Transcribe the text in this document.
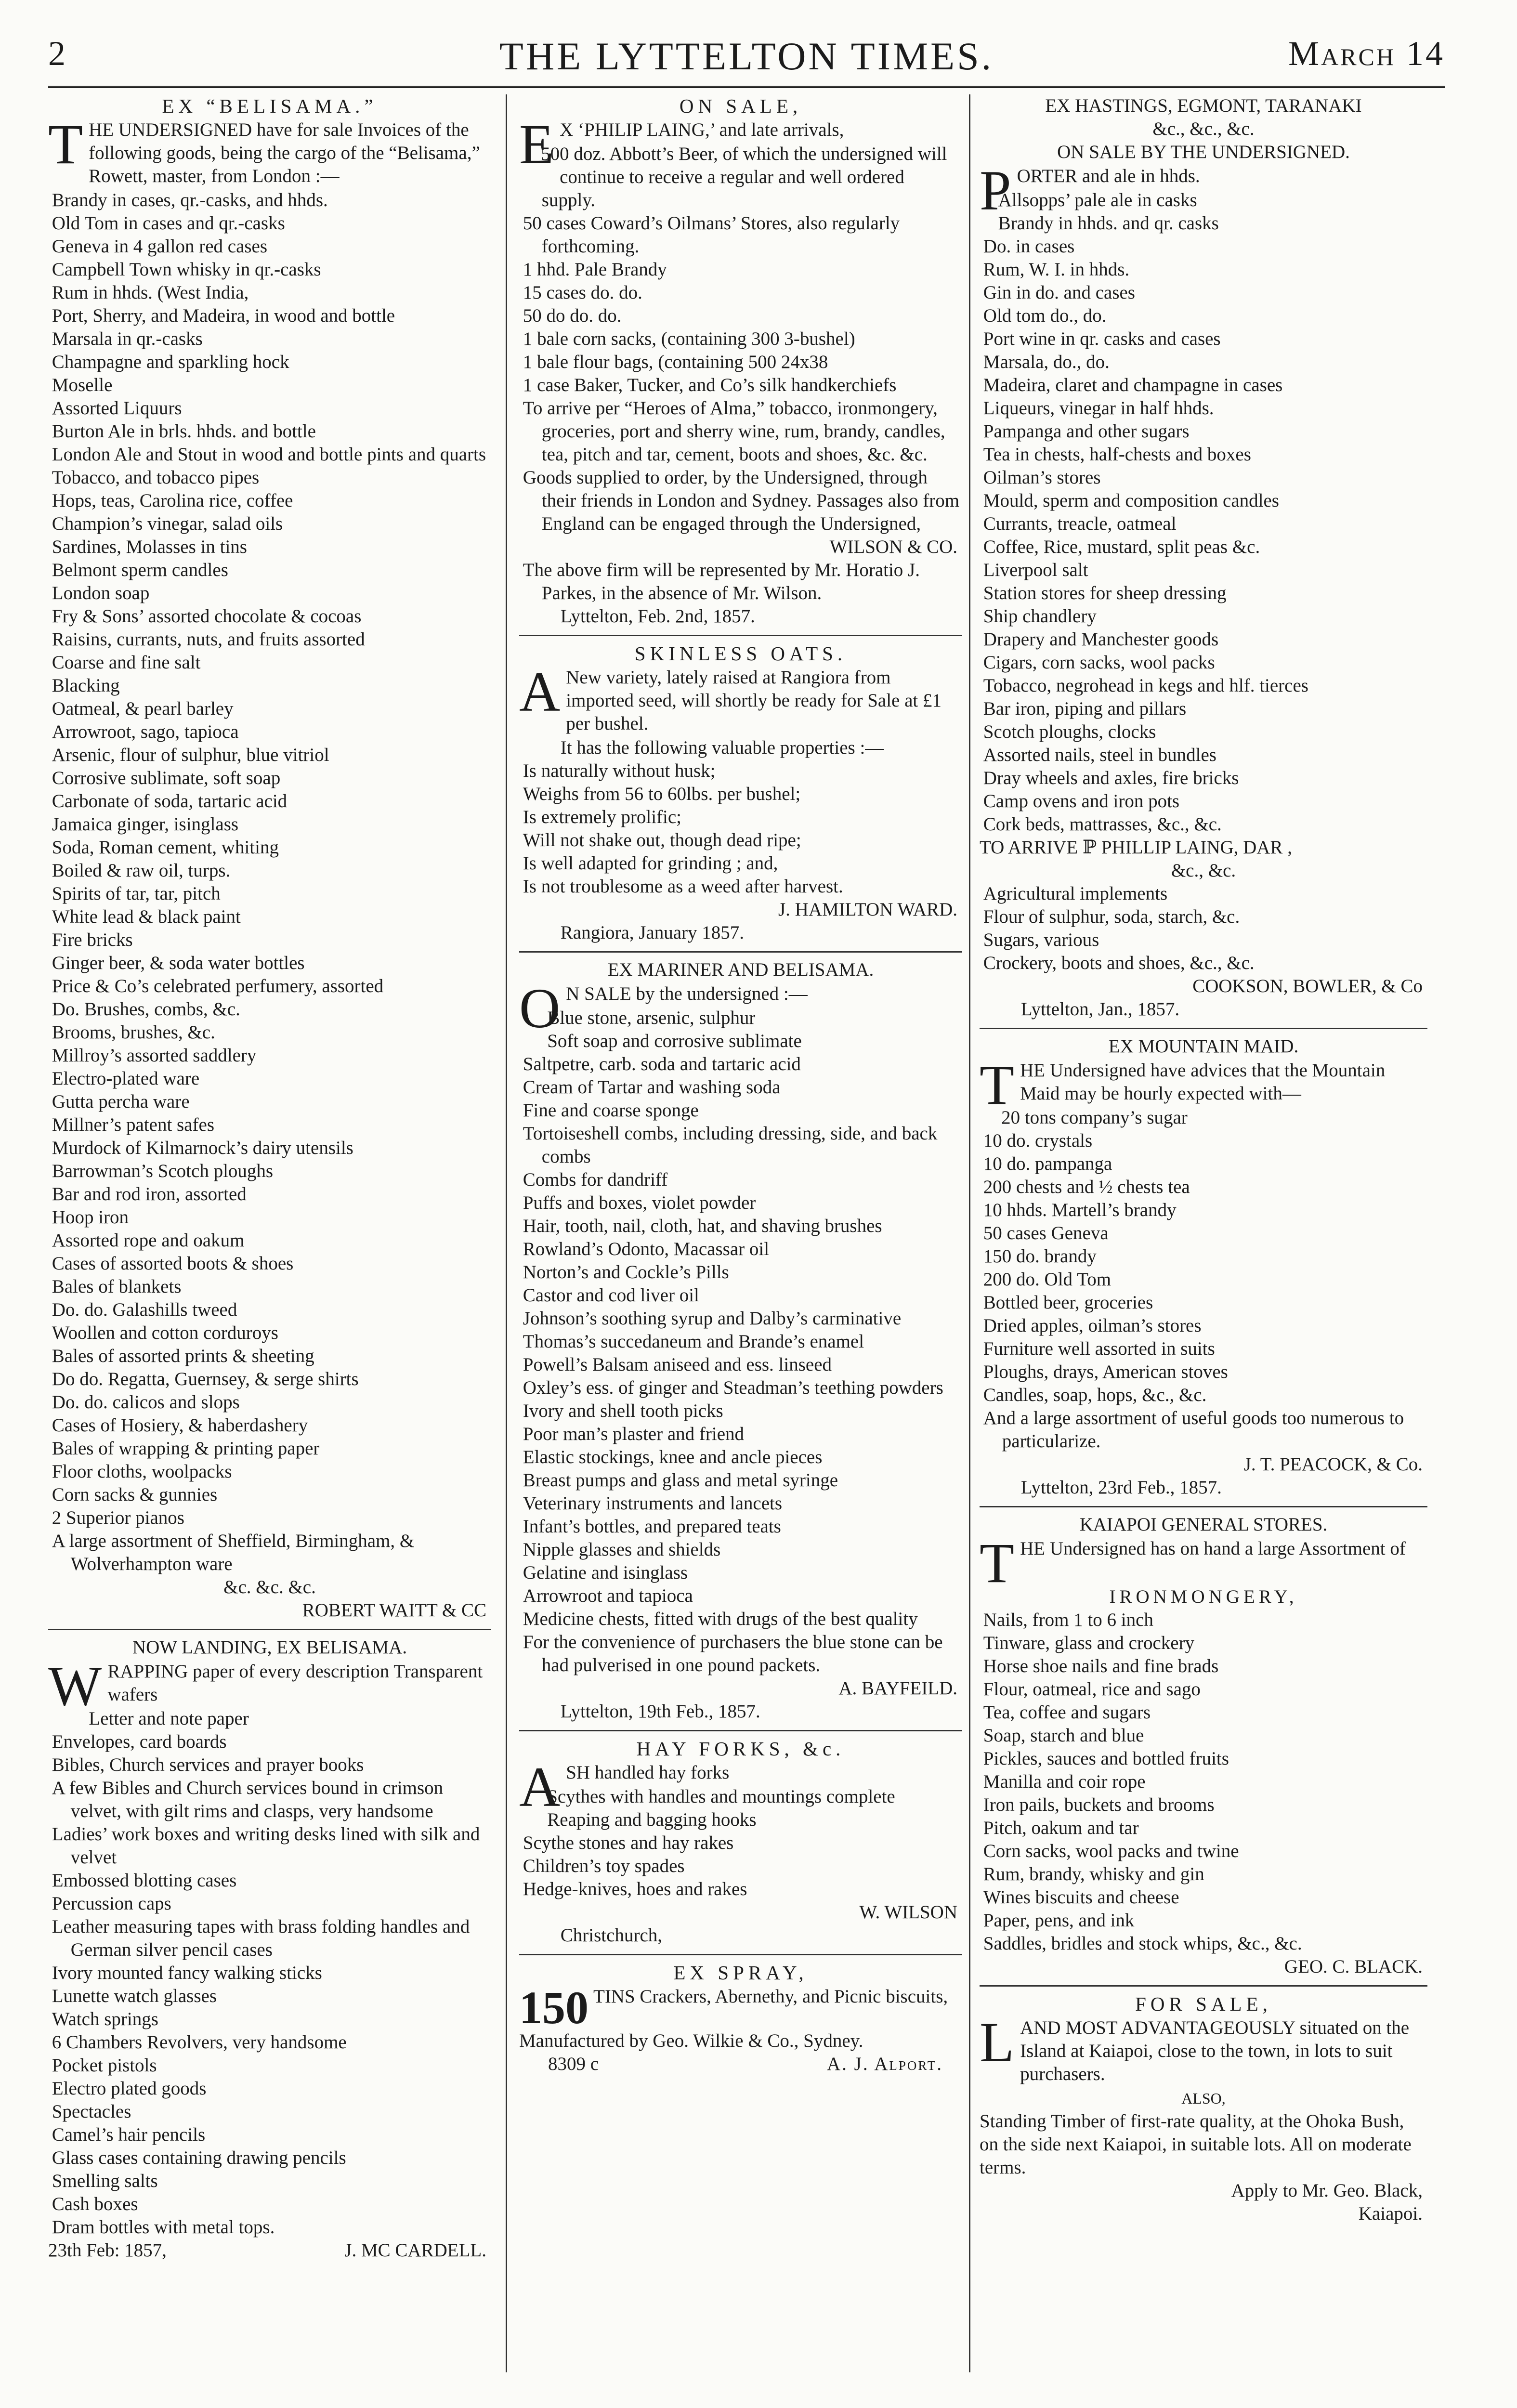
2	THE LYTTELTON TIMES.	March 14
EX “BELISAMA.”
THE UNDERSIGNED have for sale Invoices of the following goods, being the cargo of the “Belisama,” Rowett, master, from London :—
Brandy in cases, qr.-casks, and hhds.
Old Tom in cases and qr.-casks
Geneva in 4 gallon red cases
Campbell Town whisky in qr.-casks
Rum in hhds. (West India,
Port, Sherry, and Madeira, in wood and bottle
Marsala in qr.-casks
Champagne and sparkling hock
Moselle
Assorted Liquurs
Burton Ale in brls. hhds. and bottle
London Ale and Stout in wood and bottle pints and quarts
Tobacco, and tobacco pipes
Hops, teas, Carolina rice, coffee
Champion’s vinegar, salad oils
Sardines, Molasses in tins
Belmont sperm candles
London soap
Fry & Sons’ assorted chocolate & cocoas
Raisins, currants, nuts, and fruits assorted
Coarse and fine salt
Blacking
Oatmeal, & pearl barley
Arrowroot, sago, tapioca
Arsenic, flour of sulphur, blue vitriol
Corrosive sublimate, soft soap
Carbonate of soda, tartaric acid
Jamaica ginger, isinglass
Soda, Roman cement, whiting
Boiled & raw oil, turps.
Spirits of tar, tar, pitch
White lead & black paint
Fire bricks
Ginger beer, & soda water bottles
Price & Co’s celebrated perfumery, assorted
Do. Brushes, combs, &c.
Brooms, brushes, &c.
Millroy’s assorted saddlery
Electro-plated ware
Gutta percha ware
Millner’s patent safes
Murdock of Kilmarnock’s dairy utensils
Barrowman’s Scotch ploughs
Bar and rod iron, assorted
Hoop iron
Assorted rope and oakum
Cases of assorted boots & shoes
Bales of blankets
Do. do. Galashills tweed
Woollen and cotton corduroys
Bales of assorted prints & sheeting
Do do. Regatta, Guernsey, & serge shirts
Do. do. calicos and slops
Cases of Hosiery, & haberdashery
Bales of wrapping & printing paper
Floor cloths, woolpacks
Corn sacks & gunnies
2 Superior pianos
A large assortment of Sheffield, Birmingham, & Wolverhampton ware
&c. &c. &c.
ROBERT WAITT & CC
NOW LANDING, EX BELISAMA.
WRAPPING paper of every description Transparent wafers
Letter and note paper
Envelopes, card boards
Bibles, Church services and prayer books
A few Bibles and Church services bound in crimson velvet, with gilt rims and clasps, very handsome
Ladies’ work boxes and writing desks lined with silk and velvet
Embossed blotting cases
Percussion caps
Leather measuring tapes with brass folding handles and German silver pencil cases
Ivory mounted fancy walking sticks
Lunette watch glasses
Watch springs
6 Chambers Revolvers, very handsome
Pocket pistols
Electro plated goods
Spectacles
Camel’s hair pencils
Glass cases containing drawing pencils
Smelling salts
Cash boxes
Dram bottles with metal tops.
23th Feb: 1857,	J. MC CARDELL.
ON SALE,
E X ‘PHILIP LAING,’ and late arrivals,
500 doz. Abbott’s Beer, of which the undersigned will continue to receive a regular and well ordered supply.
50 cases Coward’s Oilmans’ Stores, also regularly forthcoming.
1 hhd. Pale Brandy
15 cases do. do.
50 do do. do.
1 bale corn sacks, (containing 300 3-bushel)
1 bale flour bags, (containing 500 24x38
1 case Baker, Tucker, and Co’s silk handkerchiefs
To arrive per “Heroes of Alma,” tobacco, ironmongery, groceries, port and sherry wine, rum, brandy, candles, tea, pitch and tar, cement, boots and shoes, &c. &c.
Goods supplied to order, by the Undersigned, through their friends in London and Sydney. Passages also from England can be engaged through the Undersigned,
WILSON & CO.
The above firm will be represented by Mr. Horatio J. Parkes, in the absence of Mr. Wilson.
Lyttelton, Feb. 2nd, 1857.
SKINLESS OATS.
A New variety, lately raised at Rangiora from imported seed, will shortly be ready for Sale at £1 per bushel.
It has the following valuable properties :—
Is naturally without husk;
Weighs from 56 to 60lbs. per bushel;
Is extremely prolific;
Will not shake out, though dead ripe;
Is well adapted for grinding ; and,
Is not troublesome as a weed after harvest.
J. HAMILTON WARD.
Rangiora, January 1857.
EX MARINER AND BELISAMA.
O N SALE by the undersigned :—
Blue stone, arsenic, sulphur
Soft soap and corrosive sublimate
Saltpetre, carb. soda and tartaric acid
Cream of Tartar and washing soda
Fine and coarse sponge
Tortoiseshell combs, including dressing, side, and back combs
Combs for dandriff
Puffs and boxes, violet powder
Hair, tooth, nail, cloth, hat, and shaving brushes
Rowland’s Odonto, Macassar oil
Norton’s and Cockle’s Pills
Castor and cod liver oil
Johnson’s soothing syrup and Dalby’s carminative
Thomas’s succedaneum and Brande’s enamel
Powell’s Balsam aniseed and ess. linseed
Oxley’s ess. of ginger and Steadman’s teething powders
Ivory and shell tooth picks
Poor man’s plaster and friend
Elastic stockings, knee and ancle pieces
Breast pumps and glass and metal syringe
Veterinary instruments and lancets
Infant’s bottles, and prepared teats
Nipple glasses and shields
Gelatine and isinglass
Arrowroot and tapioca
Medicine chests, fitted with drugs of the best quality
For the convenience of purchasers the blue stone can be had pulverised in one pound packets.
A. BAYFEILD.
Lyttelton, 19th Feb., 1857.
HAY FORKS, &c.
ASH handled hay forks
Scythes with handles and mountings complete
Reaping and bagging hooks
Scythe stones and hay rakes
Children’s toy spades
Hedge-knives, hoes and rakes
W. WILSON
Christchurch,
EX SPRAY,
150 TINS Crackers, Abernethy, and Picnic biscuits,
Manufactured by Geo. Wilkie & Co., Sydney.
8309 c	A. J. Alport.
EX HASTINGS, EGMONT, TARANAKI
&c., &c., &c.
ON SALE BY THE UNDERSIGNED.
PORTER and ale in hhds.
Allsopps’ pale ale in casks
Brandy in hhds. and qr. casks
Do. in cases
Rum, W. I. in hhds.
Gin in do. and cases
Old tom do., do.
Port wine in qr. casks and cases
Marsala, do., do.
Madeira, claret and champagne in cases
Liqueurs, vinegar in half hhds.
Pampanga and other sugars
Tea in chests, half-chests and boxes
Oilman’s stores
Mould, sperm and composition candles
Currants, treacle, oatmeal
Coffee, Rice, mustard, split peas &c.
Liverpool salt
Station stores for sheep dressing
Ship chandlery
Drapery and Manchester goods
Cigars, corn sacks, wool packs
Tobacco, negrohead in kegs and hlf. tierces
Bar iron, piping and pillars
Scotch ploughs, clocks
Assorted nails, steel in bundles
Dray wheels and axles, fire bricks
Camp ovens and iron pots
Cork beds, mattrasses, &c., &c.
TO ARRIVE ℙ PHILLIP LAING, DAR ,
&c., &c.
Agricultural implements
Flour of sulphur, soda, starch, &c.
Sugars, various
Crockery, boots and shoes, &c., &c.
COOKSON, BOWLER, & Co
Lyttelton, Jan., 1857.
EX MOUNTAIN MAID.
THE Undersigned have advices that the Mountain Maid may be hourly expected with—
20 tons company’s sugar
10 do. crystals
10 do. pampanga
200 chests and ½ chests tea
10 hhds. Martell’s brandy
50 cases Geneva
150 do. brandy
200 do. Old Tom
Bottled beer, groceries
Dried apples, oilman’s stores
Furniture well assorted in suits
Ploughs, drays, American stoves
Candles, soap, hops, &c., &c.
And a large assortment of useful goods too numerous to particularize.
J. T. PEACOCK, & Co.
Lyttelton, 23rd Feb., 1857.
KAIAPOI GENERAL STORES.
THE Undersigned has on hand a large Assortment of
IRONMONGERY,
Nails, from 1 to 6 inch
Tinware, glass and crockery
Horse shoe nails and fine brads
Flour, oatmeal, rice and sago
Tea, coffee and sugars
Soap, starch and blue
Pickles, sauces and bottled fruits
Manilla and coir rope
Iron pails, buckets and brooms
Pitch, oakum and tar
Corn sacks, wool packs and twine
Rum, brandy, whisky and gin
Wines biscuits and cheese
Paper, pens, and ink
Saddles, bridles and stock whips, &c., &c.
GEO. C. BLACK.
FOR SALE,
LAND MOST ADVANTAGEOUSLY situated on the Island at Kaiapoi, close to the town, in lots to suit purchasers.
ALSO,
Standing Timber of first-rate quality, at the Ohoka Bush, on the side next Kaiapoi, in suitable lots. All on moderate terms.
Apply to Mr. Geo. Black,
Kaiapoi.
